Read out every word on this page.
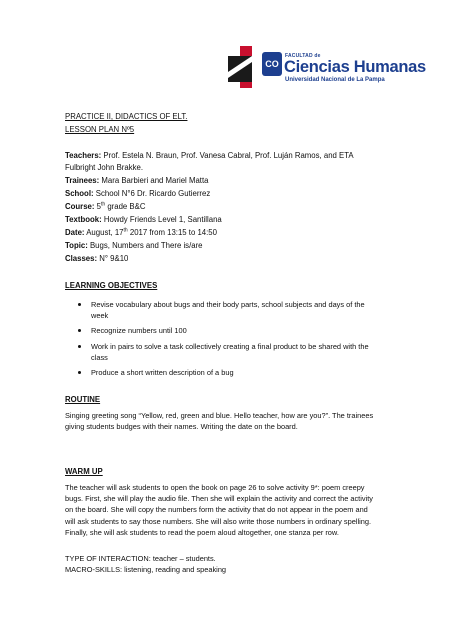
CO
FACULTAD de
Ciencias Humanas
Universidad Nacional de La Pampa
PRACTICE II, DIDACTICS OF ELT.
LESSON PLAN Nº5
Teachers: Prof. Estela N. Braun, Prof. Vanesa Cabral, Prof. Luján Ramos, and ETA
Fulbright John Brakke.
Trainees: Mara Barbieri and Mariel Matta
School: School N°6 Dr. Ricardo Gutierrez
Course: 5th grade B&C
Textbook: Howdy Friends Level 1, Santillana
Date: August, 17th 2017 from 13:15 to 14:50
Topic: Bugs, Numbers and There is/are
Classes: N° 9&10
LEARNING OBJECTIVES
Revise vocabulary about bugs and their body parts, school subjects and days of the
week
Recognize numbers until 100
Work in pairs to solve a task collectively creating a final product to be shared with the
class
Produce a short written description of a bug
ROUTINE
Singing greeting song “Yellow, red, green and blue. Hello teacher, how are you?”. The trainees
giving students budges with their names. Writing the date on the board.
WARM UP
The teacher will ask students to open the book on page 26 to solve activity 9*: poem creepy
bugs. First, she will play the audio file. Then she will explain the activity and correct the activity
on the board. She will copy the numbers form the activity that do not appear in the poem and
will ask students to say those numbers. She will also write those numbers in ordinary spelling.
Finally, she will ask students to read the poem aloud altogether, one stanza per row.
TYPE OF INTERACTION: teacher – students.
MACRO-SKILLS: listening, reading and speaking
